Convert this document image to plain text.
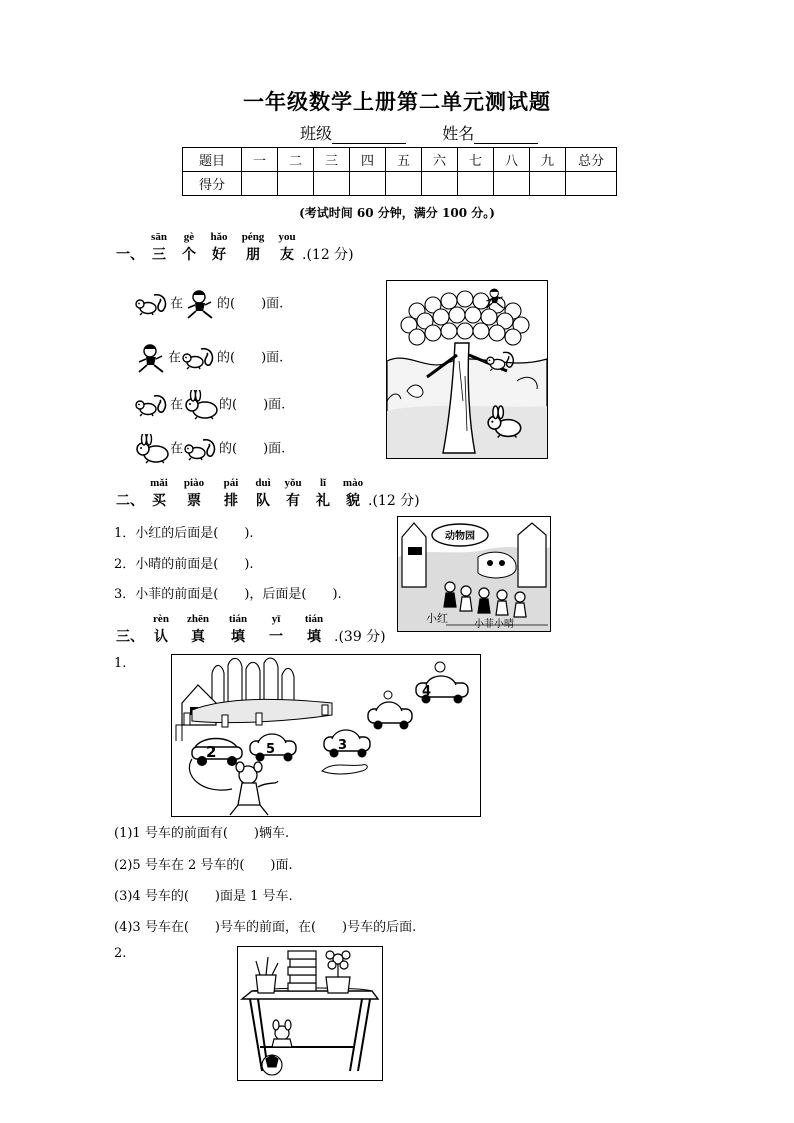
一年级数学上册第二单元测试题
班级	姓名
题目	一	二	三	四	五	六	七	八	九	总分
得分										
(考试时间 60 分钟，满分 100 分。)
一、
sān
三
gè
个
hǎo
好
péng
朋
you
友 .(12 分)
在	的(　　)面.
在	的(　　)面.
在	的(　　)面.
在	的(　　)面.
二、
mǎi
买
piào
票
pái
排
duì
队
yǒu
有
lǐ
礼
mào
貌 .(12 分)
1．小红的后面是(　　).
2．小晴的前面是(　　).
3．小菲的前面是(　　)，后面是(　　).
动物园
小红	小菲小晴
三、
rèn
认
zhēn
真
tián
填
yī
一
tián
填 .(39 分)
1.
2	5	3
4
(1)1 号车的前面有(　　)辆车.
(2)5 号车在 2 号车的(　　)面.
(3)4 号车的(　　)面是 1 号车.
(4)3 号车在(　　)号车的前面，在(　　)号车的后面.
2.
